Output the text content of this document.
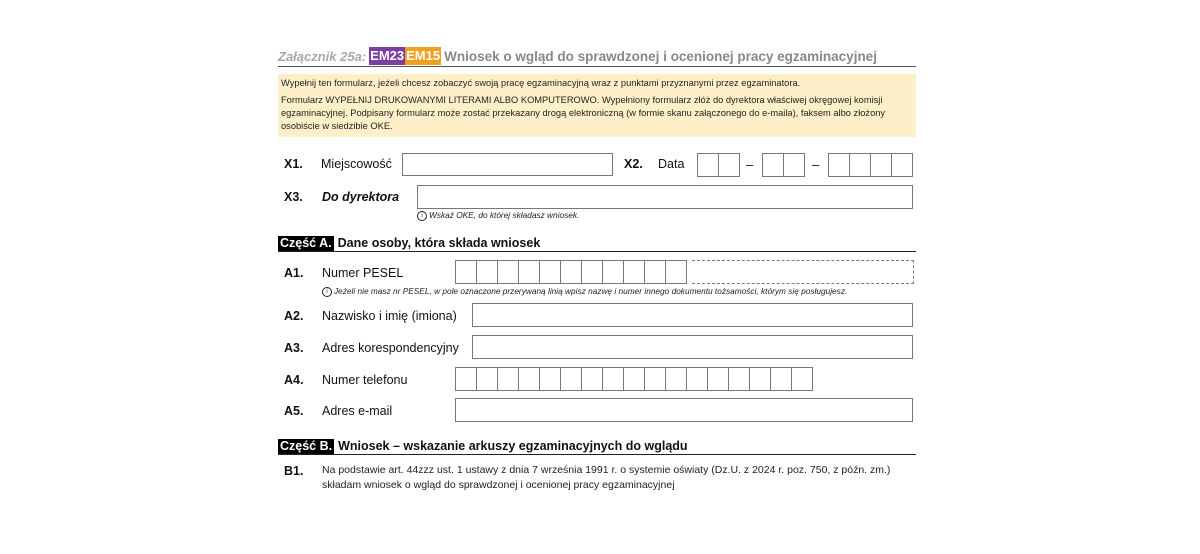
Załącznik 25a: EM23 EM15 Wniosek o wgląd do sprawdzonej i ocenionej pracy egzaminacyjnej

Wypełnij ten formularz, jeżeli chcesz zobaczyć swoją pracę egzaminacyjną wraz z punktami przyznanymi przez egzaminatora.

Formularz WYPEŁNIJ DRUKOWANYMI LITERAMI ALBO KOMPUTEROWO. Wypełniony formularz złóż do dyrektora właściwej okręgowej komisji egzaminacyjnej. Podpisany formularz może zostać przekazany drogą elektroniczną (w formie skanu załączonego do e-maila), faksem albo złożony osobiście w siedzibie OKE.

X1. Miejscowość	X2. Data	–	–
X3. Do dyrektora
i Wskaż OKE, do której składasz wniosek.
Część A. Dane osoby, która składa wniosek
A1. Numer PESEL
i Jeżeli nie masz nr PESEL, w pole oznaczone przerywaną linią wpisz nazwę i numer innego dokumentu tożsamości, którym się posługujesz.
A2. Nazwisko i imię (imiona)
A3. Adres korespondencyjny
A4. Numer telefonu
A5. Adres e-mail
Część B. Wniosek – wskazanie arkuszy egzaminacyjnych do wglądu
B1. Na podstawie art. 44zzz ust. 1 ustawy z dnia 7 września 1991 r. o systemie oświaty (Dz.U. z 2024 r. poz. 750, z późn. zm.) składam wniosek o wgląd do sprawdzonej i ocenionej pracy egzaminacyjnej
